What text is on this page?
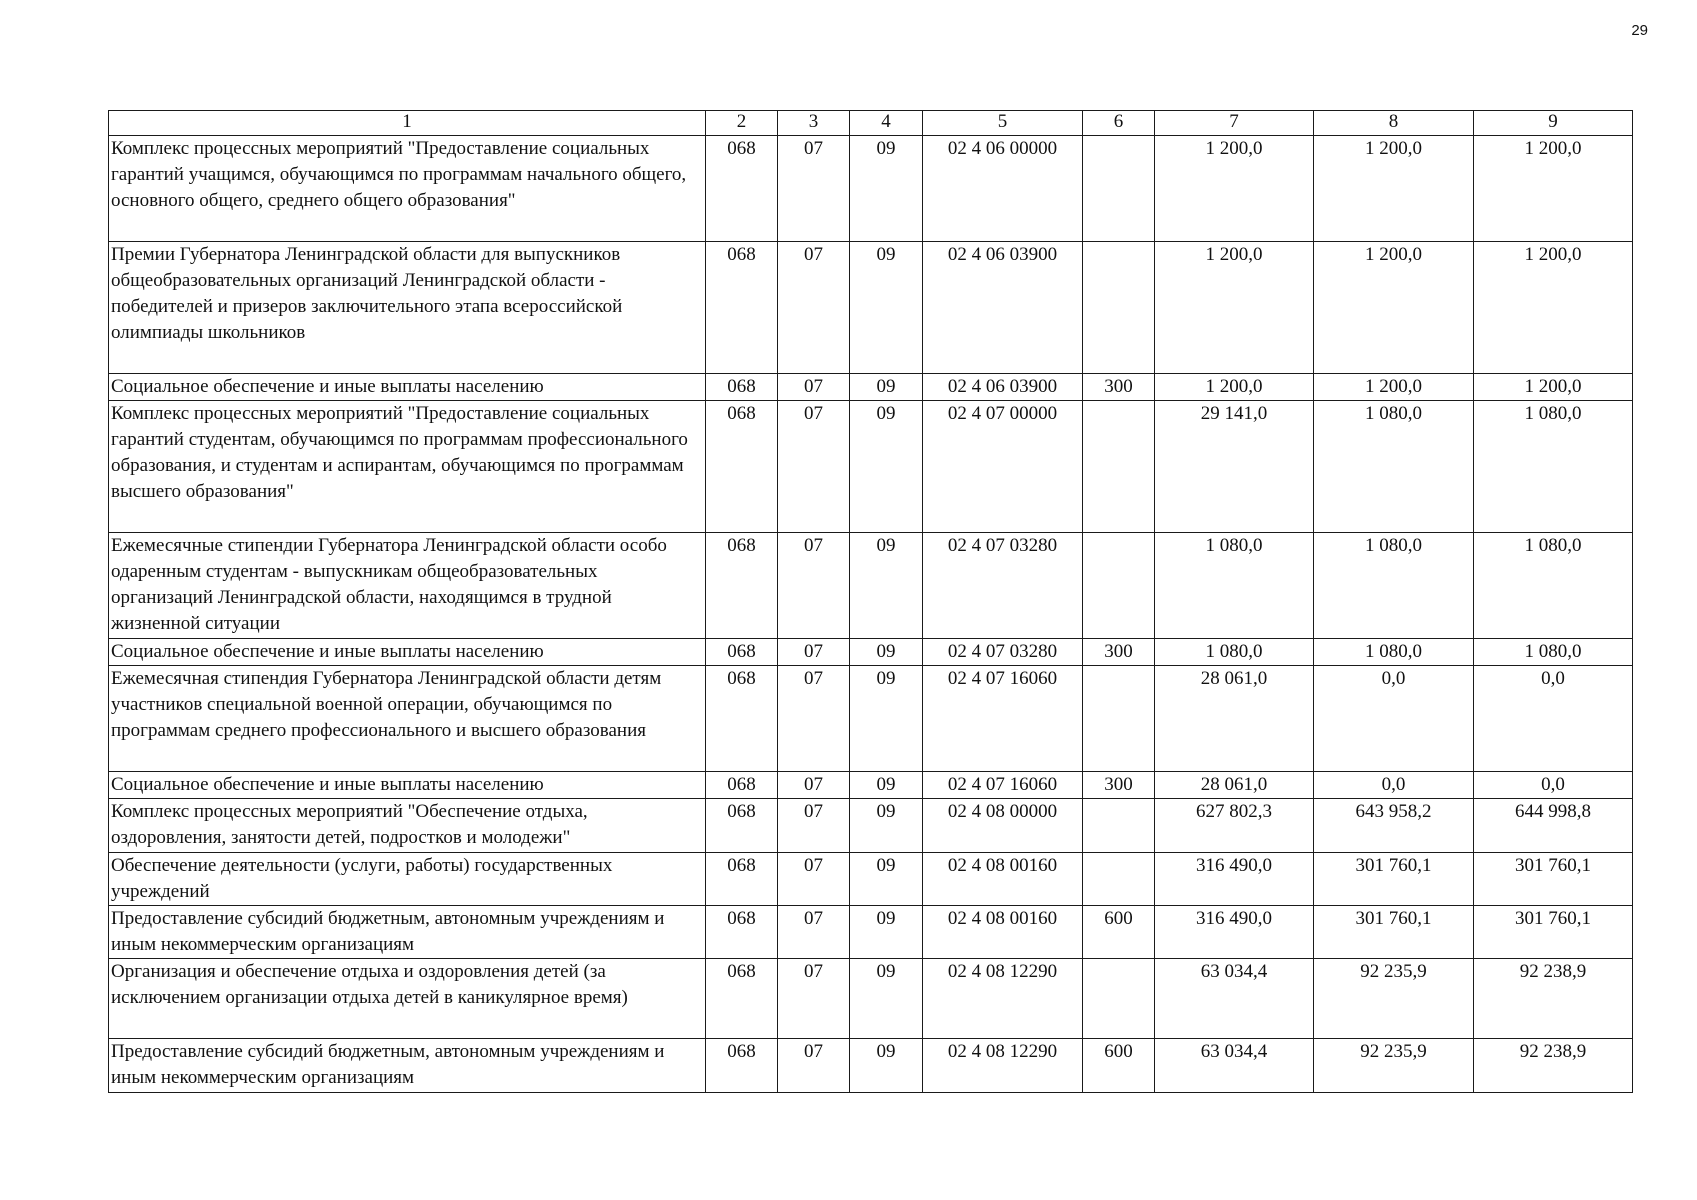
29
1	2	3	4	5	6	7	8	9
Комплекс процессных мероприятий "Предоставление социальных гарантий учащимся, обучающимся по программам начального общего, основного общего, среднего общего образования"	068	07	09	02 4 06 00000		1 200,0	1 200,0	1 200,0
Премии Губернатора Ленинградской области для выпускников общеобразовательных организаций Ленинградской области - победителей и призеров заключительного этапа всероссийской олимпиады школьников	068	07	09	02 4 06 03900		1 200,0	1 200,0	1 200,0
Социальное обеспечение и иные выплаты населению	068	07	09	02 4 06 03900	300	1 200,0	1 200,0	1 200,0
Комплекс процессных мероприятий "Предоставление социальных гарантий студентам, обучающимся по программам профессионального образования, и студентам и аспирантам, обучающимся по программам высшего образования"	068	07	09	02 4 07 00000		29 141,0	1 080,0	1 080,0
Ежемесячные стипендии Губернатора Ленинградской области особо одаренным студентам - выпускникам общеобразовательных организаций Ленинградской области, находящимся в трудной жизненной ситуации	068	07	09	02 4 07 03280		1 080,0	1 080,0	1 080,0
Социальное обеспечение и иные выплаты населению	068	07	09	02 4 07 03280	300	1 080,0	1 080,0	1 080,0
Ежемесячная стипендия Губернатора Ленинградской области детям участников специальной военной операции, обучающимся по программам среднего профессионального и высшего образования	068	07	09	02 4 07 16060		28 061,0	0,0	0,0
Социальное обеспечение и иные выплаты населению	068	07	09	02 4 07 16060	300	28 061,0	0,0	0,0
Комплекс процессных мероприятий "Обеспечение отдыха, оздоровления, занятости детей, подростков и молодежи"	068	07	09	02 4 08 00000		627 802,3	643 958,2	644 998,8
Обеспечение деятельности (услуги, работы) государственных учреждений	068	07	09	02 4 08 00160		316 490,0	301 760,1	301 760,1
Предоставление субсидий бюджетным, автономным учреждениям и иным некоммерческим организациям	068	07	09	02 4 08 00160	600	316 490,0	301 760,1	301 760,1
Организация и обеспечение отдыха и оздоровления детей (за исключением организации отдыха детей в каникулярное время)	068	07	09	02 4 08 12290		63 034,4	92 235,9	92 238,9
Предоставление субсидий бюджетным, автономным учреждениям и иным некоммерческим организациям	068	07	09	02 4 08 12290	600	63 034,4	92 235,9	92 238,9
